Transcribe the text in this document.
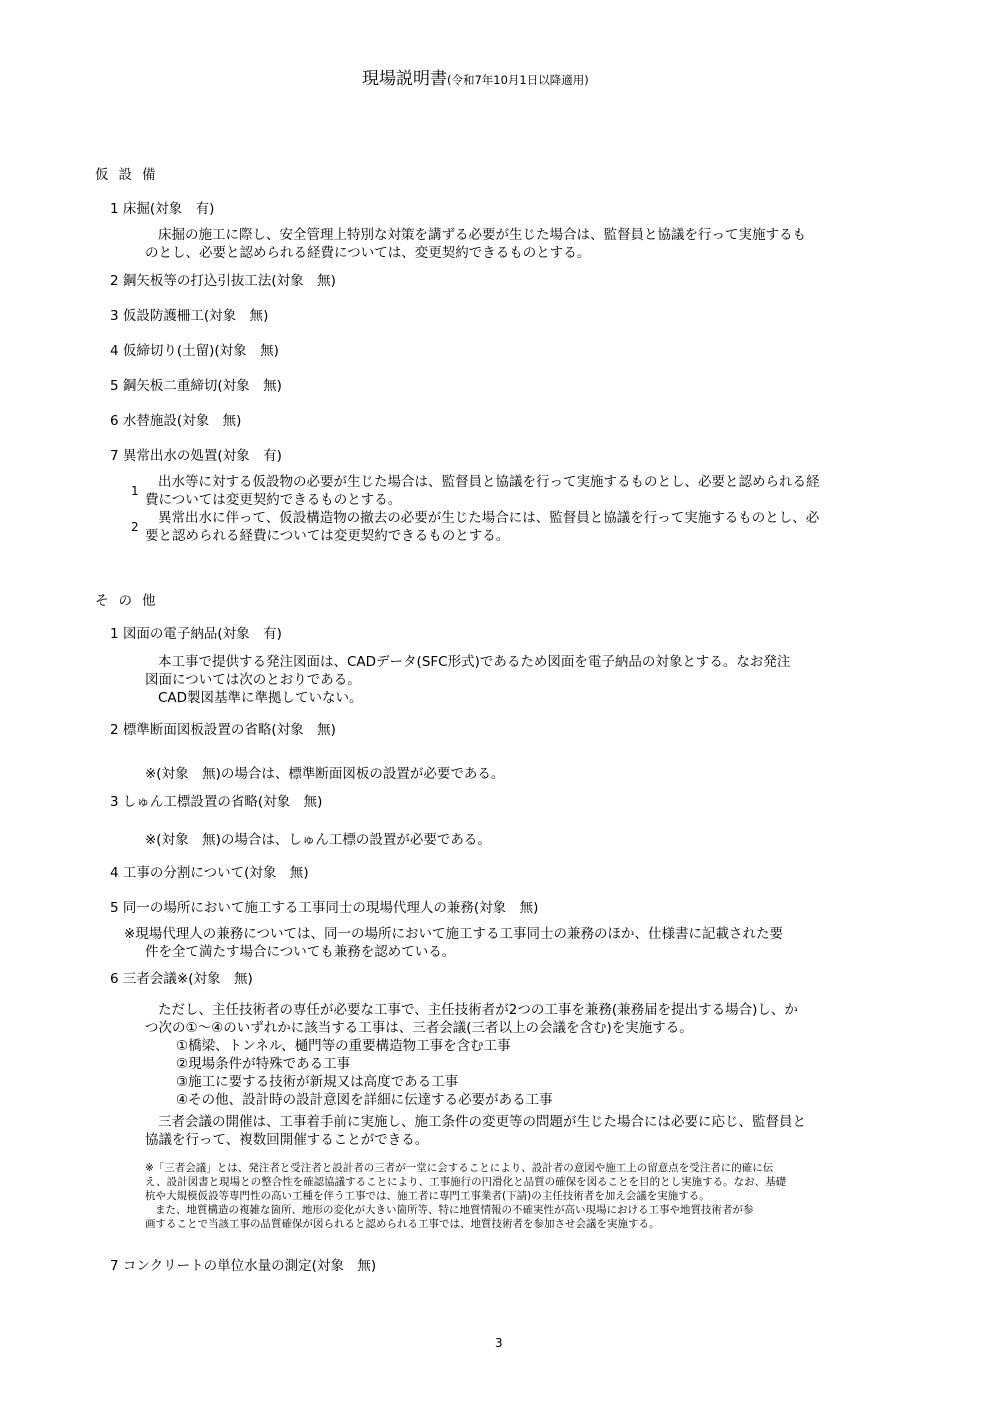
現場説明書(令和7年10月1日以降適用)
仮設備
1 床掘(対象　有)
床掘の施工に際し、安全管理上特別な対策を講ずる必要が生じた場合は、監督員と協議を行って実施するも
のとし、必要と認められる経費については、変更契約できるものとする。
2 鋼矢板等の打込引抜工法(対象　無)
3 仮設防護柵工(対象　無)
4 仮締切り(土留)(対象　無)
5 鋼矢板二重締切(対象　無)
6 水替施設(対象　無)
7 異常出水の処置(対象　有)
1
出水等に対する仮設物の必要が生じた場合は、監督員と協議を行って実施するものとし、必要と認められる経
費については変更契約できるものとする。
2
異常出水に伴って、仮設構造物の撤去の必要が生じた場合には、監督員と協議を行って実施するものとし、必
要と認められる経費については変更契約できるものとする。
その他
1 図面の電子納品(対象　有)
本工事で提供する発注図面は、CADデータ(SFC形式)であるため図面を電子納品の対象とする。なお発注
図面については次のとおりである。
CAD製図基準に準拠していない。
2 標準断面図板設置の省略(対象　無)
※(対象　無)の場合は、標準断面図板の設置が必要である。
3 しゅん工標設置の省略(対象　無)
※(対象　無)の場合は、しゅん工標の設置が必要である。
4 工事の分割について(対象　無)
5 同一の場所において施工する工事同士の現場代理人の兼務(対象　無)
※現場代理人の兼務については、同一の場所において施工する工事同士の兼務のほか、仕様書に記載された要
件を全て満たす場合についても兼務を認めている。
6 三者会議※(対象　無)
ただし、主任技術者の専任が必要な工事で、主任技術者が2つの工事を兼務(兼務届を提出する場合)し、か
つ次の①～④のいずれかに該当する工事は、三者会議(三者以上の会議を含む)を実施する。
①橋梁、トンネル、樋門等の重要構造物工事を含む工事
②現場条件が特殊である工事
③施工に要する技術が新規又は高度である工事
④その他、設計時の設計意図を詳細に伝達する必要がある工事
三者会議の開催は、工事着手前に実施し、施工条件の変更等の問題が生じた場合には必要に応じ、監督員と
協議を行って、複数回開催することができる。
※「三者会議」とは、発注者と受注者と設計者の三者が一堂に会することにより、設計者の意図や施工上の留意点を受注者に的確に伝
え、設計図書と現場との整合性を確認協議することにより、工事施行の円滑化と品質の確保を図ることを目的とし実施する。なお、基礎
杭や大規模仮設等専門性の高い工種を伴う工事では、施工者に専門工事業者(下請)の主任技術者を加え会議を実施する。
また、地質構造の複雑な箇所、地形の変化が大きい箇所等、特に地質情報の不確実性が高い現場における工事や地質技術者が参
画することで当該工事の品質確保が図られると認められる工事では、地質技術者を参加させ会議を実施する。
7 コンクリートの単位水量の測定(対象　無)
3
